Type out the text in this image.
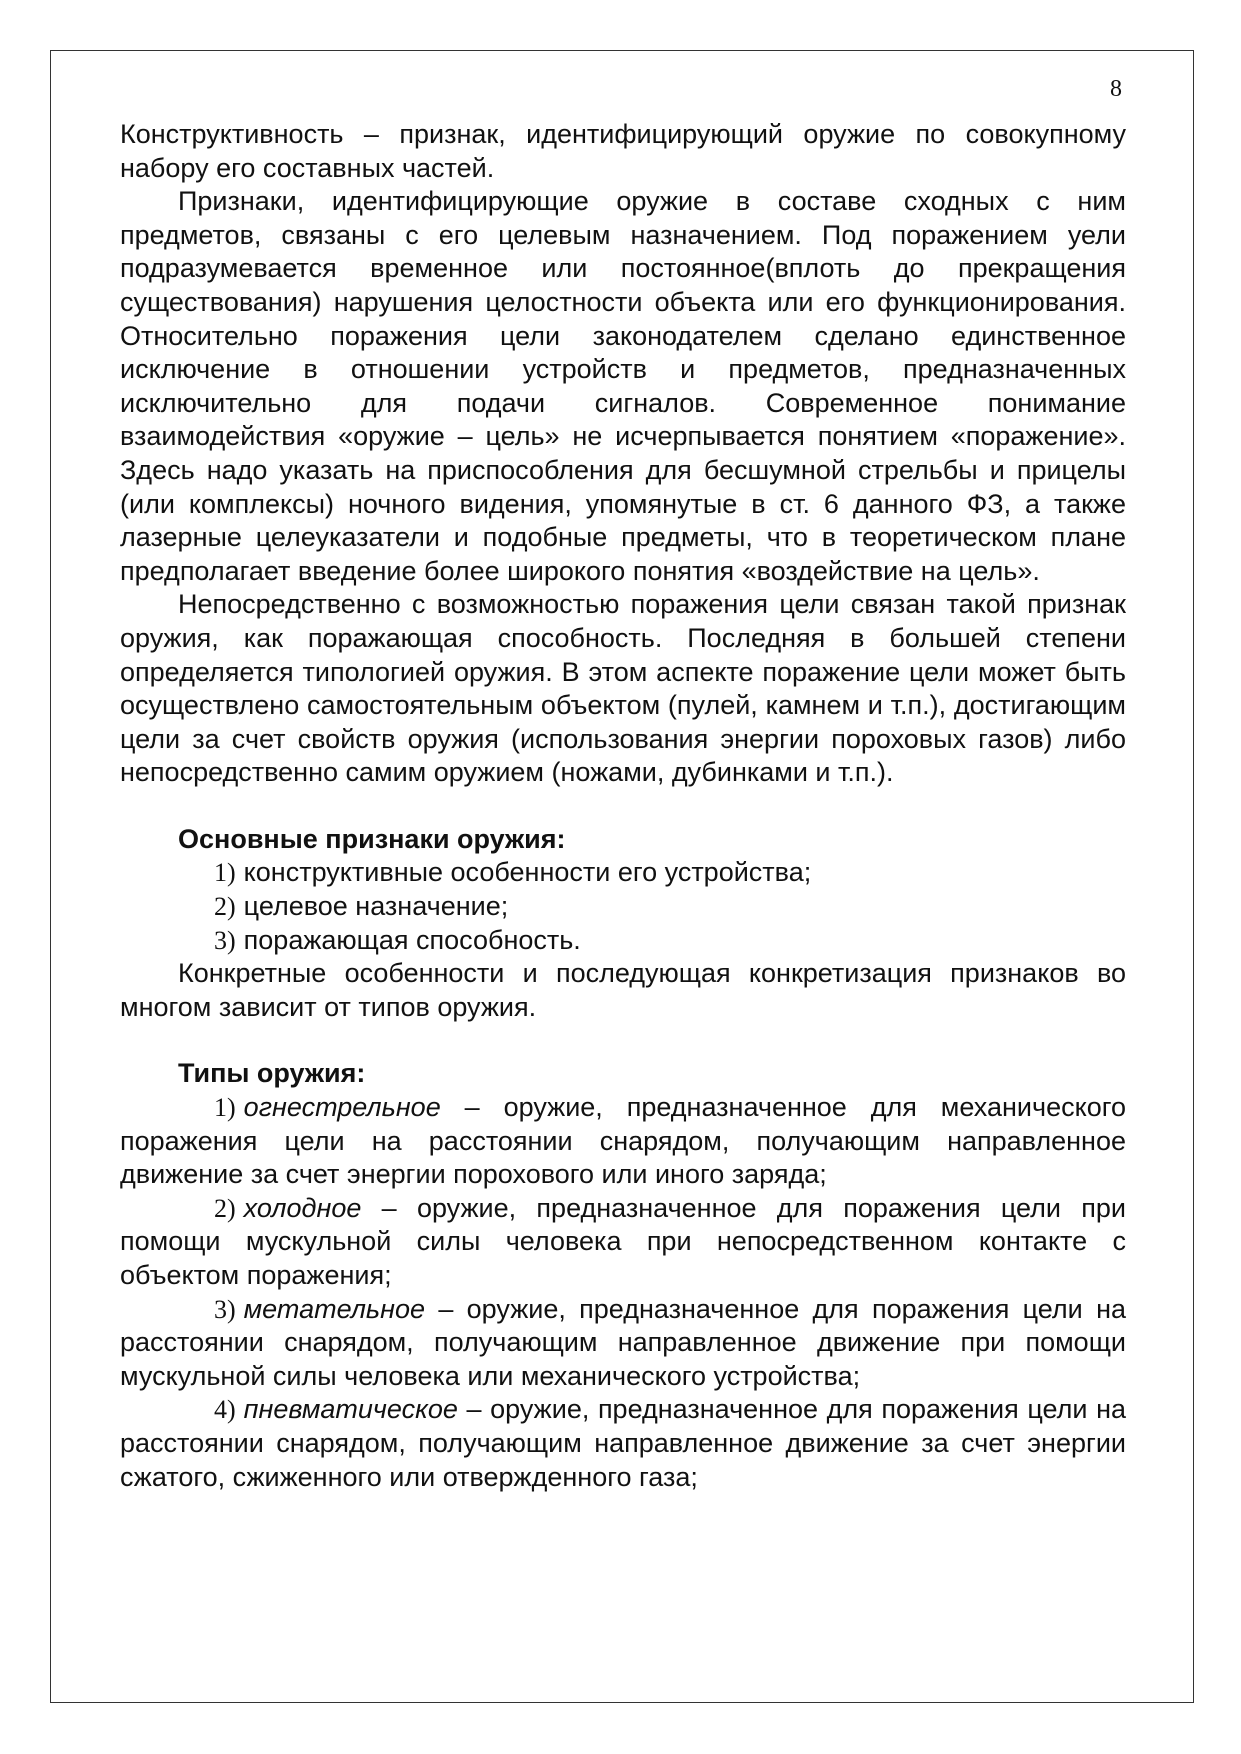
8

Конструктивность – признак, идентифицирующий оружие по совокупному набору его составных частей.

Признаки, идентифицирующие оружие в составе сходных с ним предметов, связаны с его целевым назначением. Под поражением уели подразумевается временное или постоянное(вплоть до прекращения существования) нарушения целостности объекта или его функционирования. Относительно поражения цели законодателем сделано единственное исключение в отношении устройств и предметов, предназначенных исключительно для подачи сигналов. Современное понимание взаимодействия «оружие – цель» не исчерпывается понятием «поражение». Здесь надо указать на приспособления для бесшумной стрельбы и прицелы (или комплексы) ночного видения, упомянутые в ст. 6 данного ФЗ, а также лазерные целеуказатели и подобные предметы, что в теоретическом плане предполагает введение более широкого понятия «воздействие на цель».

Непосредственно с возможностью поражения цели связан такой признак оружия, как поражающая способность. Последняя в большей степени определяется типологией оружия. В этом аспекте поражение цели может быть осуществлено самостоятельным объектом (пулей, камнем и т.п.), достигающим цели за счет свойств оружия (использования энергии пороховых газов) либо непосредственно самим оружием (ножами, дубинками и т.п.).

Основные признаки оружия:

1) конструктивные особенности его устройства;
2) целевое назначение;
3) поражающая способность.

Конкретные особенности и последующая конкретизация признаков во многом зависит от типов оружия.

Типы оружия:

1) огнестрельное – оружие, предназначенное для механического поражения цели на расстоянии снарядом, получающим направленное движение за счет энергии порохового или иного заряда;

2) холодное – оружие, предназначенное для поражения цели при помощи мускульной силы человека при непосредственном контакте с объектом поражения;

3) метательное – оружие, предназначенное для поражения цели на расстоянии снарядом, получающим направленное движение при помощи мускульной силы человека или механического устройства;

4) пневматическое – оружие, предназначенное для поражения цели на расстоянии снарядом, получающим направленное движение за счет энергии сжатого, сжиженного или отвержденного газа;
